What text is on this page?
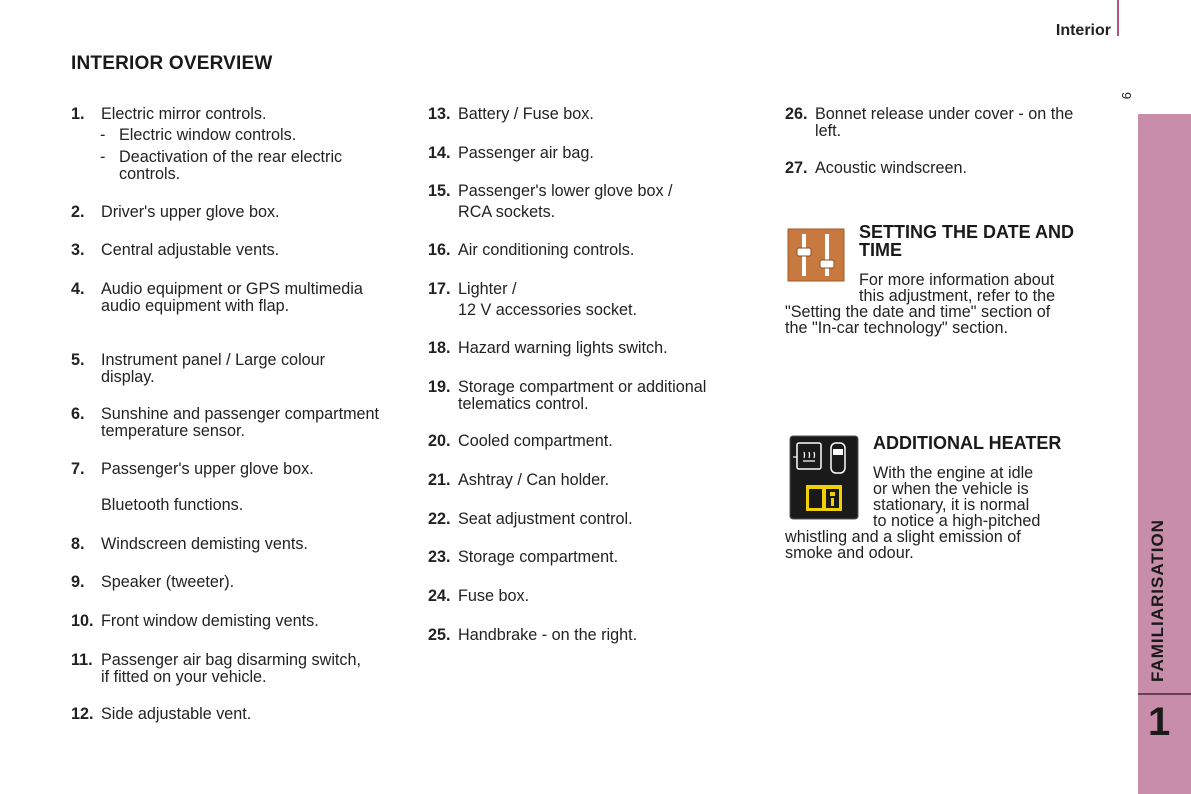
Interior
INTERIOR OVERVIEW
9
FAMILIARISATION
1
1.	Electric mirror controls.
- Electric window controls.
- Deactivation of the rear electric controls.
2.	Driver's upper glove box.
3.	Central adjustable vents.
4.	Audio equipment or GPS multimedia audio equipment with flap.
5.	Instrument panel / Large colour display.
6.	Sunshine and passenger compartment temperature sensor.
7.	Passenger's upper glove box.
Bluetooth functions.
8.	Windscreen demisting vents.
9.	Speaker (tweeter).
10. Front window demisting vents.
11. Passenger air bag disarming switch, if fitted on your vehicle.
12. Side adjustable vent.
13. Battery / Fuse box.
14. Passenger air bag.
15. Passenger's lower glove box /
RCA sockets.
16. Air conditioning controls.
17. Lighter /
12 V accessories socket.
18. Hazard warning lights switch.
19. Storage compartment or additional telematics control.
20. Cooled compartment.
21. Ashtray / Can holder.
22. Seat adjustment control.
23. Storage compartment.
24. Fuse box.
25. Handbrake - on the right.
26. Bonnet release under cover - on the left.
27. Acoustic windscreen.
SETTING THE DATE AND
TIME
For more information about
this adjustment, refer to the
"Setting the date and time" section of
the "In-car technology" section.
ADDITIONAL HEATER
With the engine at idle
or when the vehicle is
stationary, it is normal
to notice a high-pitched
whistling and a slight emission of
smoke and odour.
